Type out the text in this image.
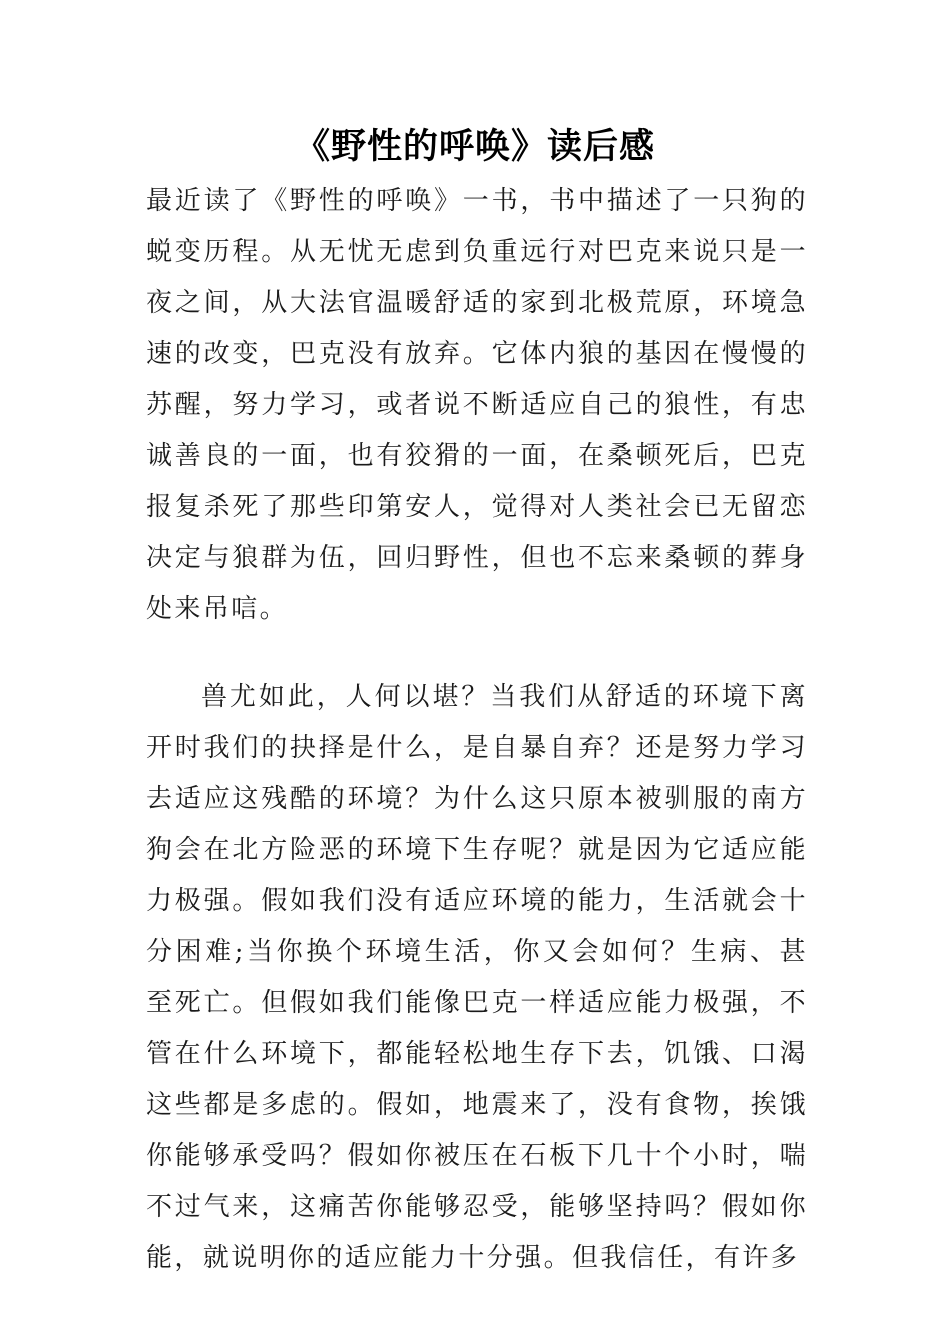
《野性的呼唤》读后感

最近读了《野性的呼唤》一书，书中描述了一只狗的蜕变历程。从无忧无虑到负重远行对巴克来说只是一夜之间，从大法官温暖舒适的家到北极荒原，环境急速的改变，巴克没有放弃。它体内狼的基因在慢慢的苏醒，努力学习，或者说不断适应自己的狼性，有忠诚善良的一面，也有狡猾的一面，在桑顿死后，巴克报复杀死了那些印第安人，觉得对人类社会已无留恋决定与狼群为伍，回归野性，但也不忘来桑顿的葬身处来吊唁。

兽尤如此，人何以堪？当我们从舒适的环境下离开时我们的抉择是什么，是自暴自弃？还是努力学习去适应这残酷的环境？为什么这只原本被驯服的南方狗会在北方险恶的环境下生存呢？就是因为它适应能力极强。假如我们没有适应环境的能力，生活就会十分困难;当你换个环境生活，你又会如何？生病、甚至死亡。但假如我们能像巴克一样适应能力极强，不管在什么环境下，都能轻松地生存下去，饥饿、口渴这些都是多虑的。假如，地震来了，没有食物，挨饿你能够承受吗？假如你被压在石板下几十个小时，喘不过气来，这痛苦你能够忍受，能够坚持吗？假如你能，就说明你的适应能力十分强。但我信任，有许多
